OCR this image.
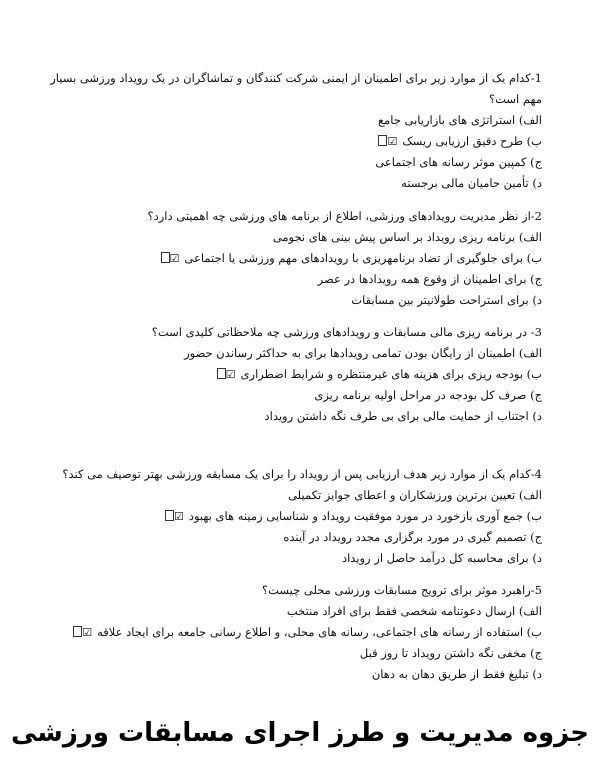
1-کدام یک از موارد زیر برای اطمینان از ایمنی شرکت کنندگان و تماشاگران در یک رویداد ورزشی بسیار مهم است؟

الف) استراتژی های بازاریابی جامع

ب) طرح دقیق ارزیابی ریسک☑

ج) کمپین موثر رسانه های اجتماعی

د) تأمین حامیان مالی برجسته

2-از نظر مدیریت رویدادهای ورزشی، اطلاع از برنامه های ورزشی چه اهمیتی دارد؟

الف) برنامه ریزی رویداد بر اساس پیش بینی های نجومی

ب) برای جلوگیری از تضاد برنامهریزی با رویدادهای مهم ورزشی یا اجتماعی☑

ج) برای اطمینان از وقوع همه رویدادها در عصر

د) برای استراحت طولانیتر بین مسابقات

3- در برنامه ریزی مالی مسابقات و رویدادهای ورزشی چه ملاحظاتی کلیدی است؟

الف) اطمینان از رایگان بودن تمامی رویدادها برای به حداکثر رساندن حضور

ب) بودجه ریزی برای هزینه های غیرمنتظره و شرایط اضطراری☑

ج) صرف کل بودجه در مراحل اولیه برنامه ریزی

د) اجتناب از حمایت مالی برای بی طرف نگه داشتن رویداد

4-کدام یک از موارد زیر هدف ارزیابی پس از رویداد را برای یک مسابقه ورزشی بهتر توصیف می کند؟

الف) تعیین برترین ورزشکاران و اعطای جوایز تکمیلی

ب) جمع آوری بازخورد در مورد موفقیت رویداد و شناسایی زمینه های بهبود☑

ج) تصمیم گیری در مورد برگزاری مجدد رویداد در آینده

د) برای محاسبه کل درآمد حاصل از رویداد

5-راهبرد موثر برای ترویج مسابقات ورزشی محلی چیست؟

الف) ارسال دعوتنامه شخصی فقط برای افراد منتخب

ب) استفاده از رسانه های اجتماعی، رسانه های محلی، و اطلاع رسانی جامعه برای ایجاد علاقه☑

ج) مخفی نگه داشتن رویداد تا روز قبل

د) تبلیغ فقط از طریق دهان به دهان

جزوه مدیریت و طرز اجرای مسابقات ورزشی
